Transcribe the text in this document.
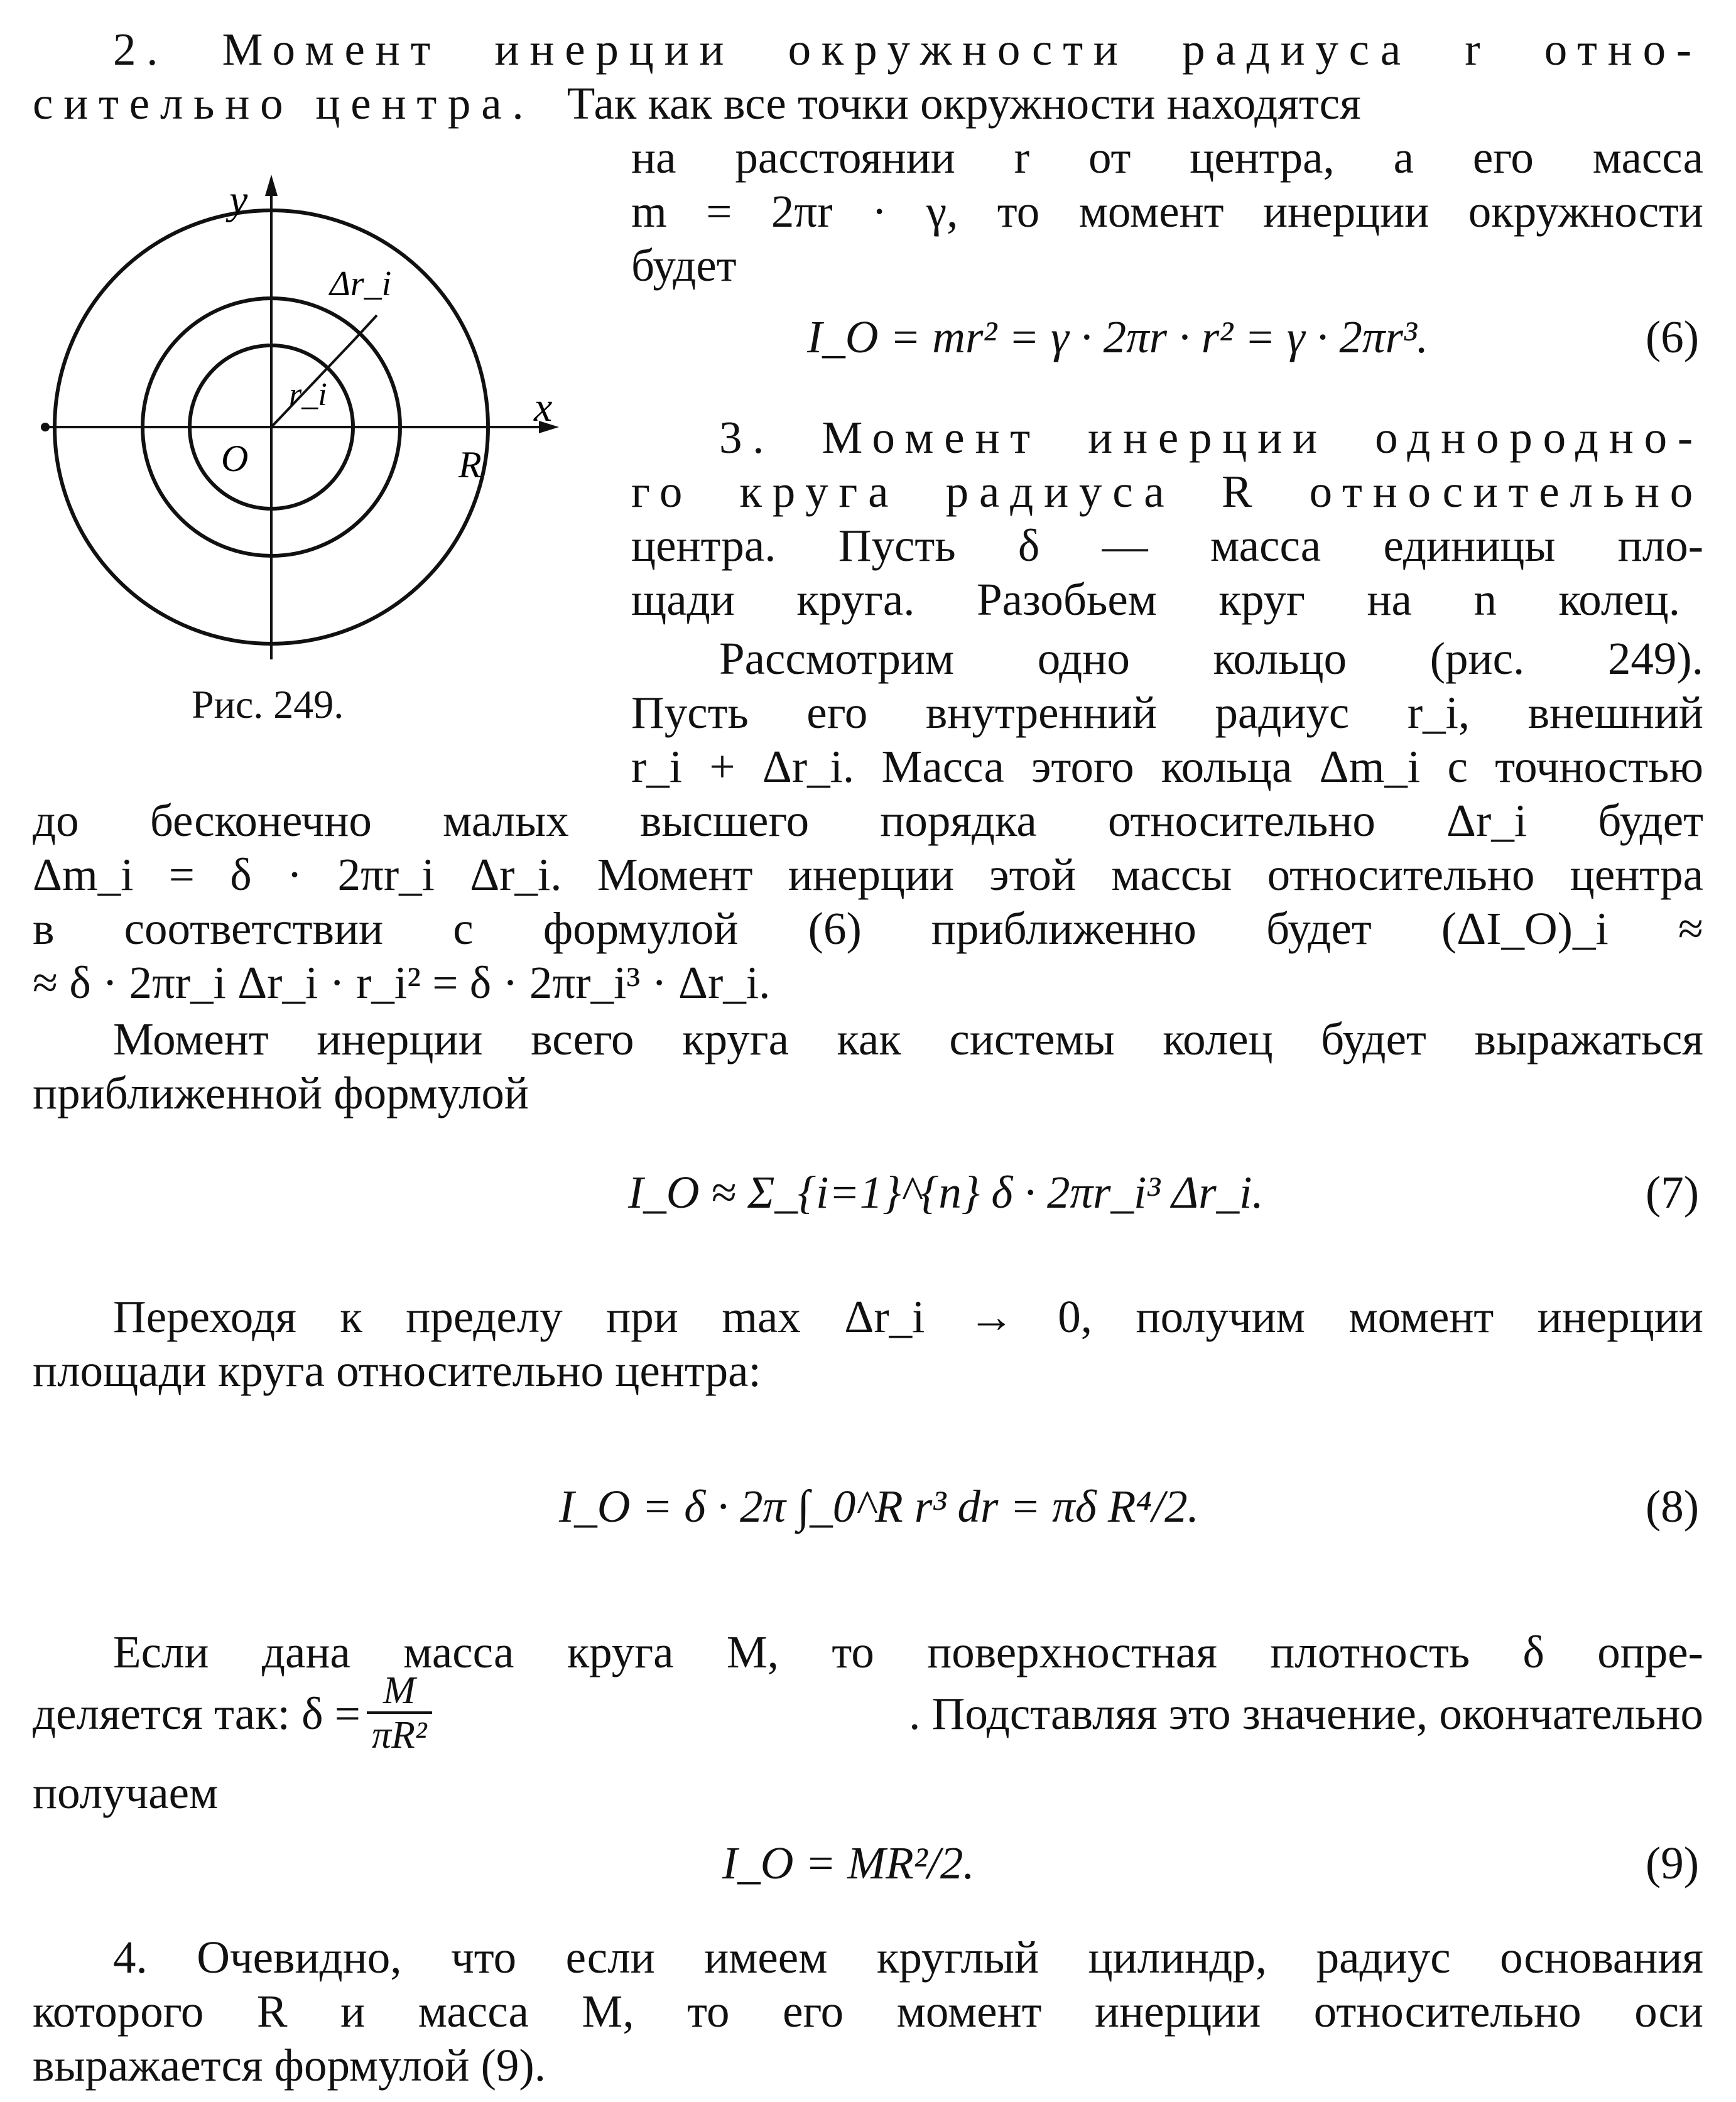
2. Момент инерции окружности радиуса r отно-
сительно центра. Так как все точки окружности находятся
на расстоянии r от центра, а его масса
m = 2πr · γ, то момент инерции окружности
будет
I_O = mr² = γ · 2πr · r² = γ · 2πr³.	(6)
3. Момент инерции однородно-
го круга радиуса R относительно
центра. Пусть δ — масса единицы пло-
щади круга. Разобьем круг на n колец.
Рассмотрим одно кольцо (рис. 249).
Пусть его внутренний радиус r_i, внешний
r_i + Δr_i. Масса этого кольца Δm_i с точностью
до бесконечно малых высшего порядка относительно Δr_i будет
Δm_i = δ · 2πr_i Δr_i. Момент инерции этой массы относительно центра
в соответствии с формулой (6) приближенно будет (ΔI_O)_i ≈
≈ δ · 2πr_i Δr_i · r_i² = δ · 2πr_i³ · Δr_i.
Момент инерции всего круга как системы колец будет выражаться
приближенной формулой
I_O ≈ Σ_{i=1}^{n} δ · 2πr_i³ Δr_i.	(7)
Переходя к пределу при max Δr_i → 0, получим момент инерции
площади круга относительно центра:
I_O = δ · 2π ∫_0^R r³ dr = πδ R⁴/2.	(8)
Если дана масса круга M, то поверхностная плотность δ опре-
деляется так: $\delta = \frac{M}{\text{πR²}}$	. Подставляя это значение, окончательно
получаем
I_O = MR²/2.	(9)
4. Очевидно, что если имеем круглый цилиндр, радиус основания
которого R и масса M, то его момент инерции относительно оси
выражается формулой (9).
y
x
O	R
r_i
Δr_i
Рис. 249.
